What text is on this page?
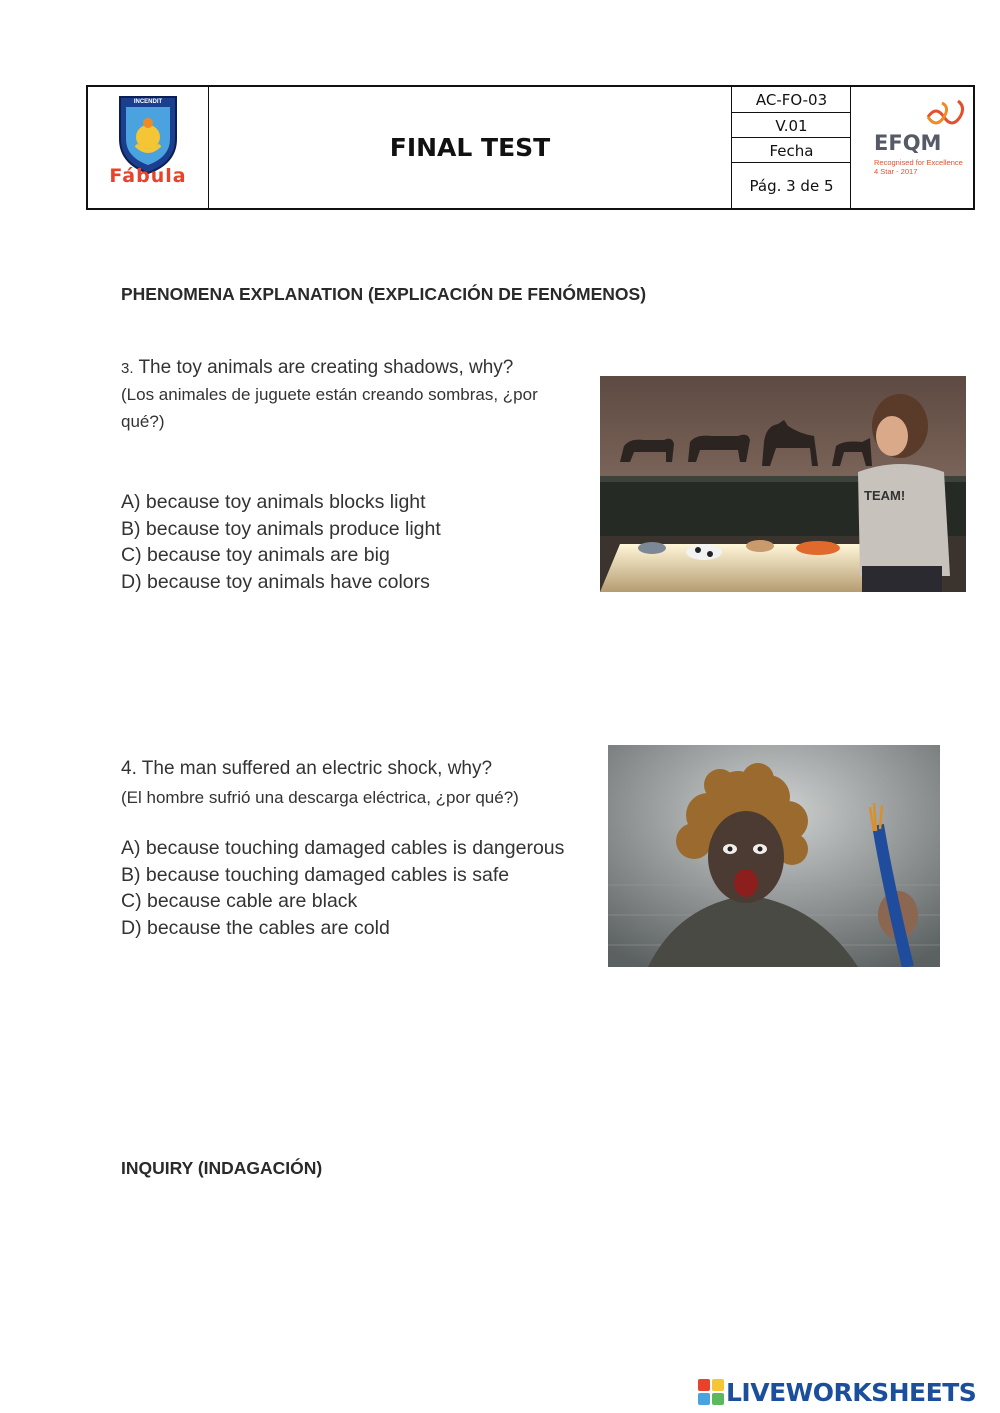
INCENDIT
Fábula
FINAL TEST
AC-FO-03
V.01
Fecha
Pág. 3 de 5
EFQM
Recognised for Excellence
4 Star - 2017
PHENOMENA EXPLANATION (EXPLICACIÓN DE FENÓMENOS)
3. The toy animals are creating shadows, why?
(Los animales de juguete están creando sombras, ¿por
qué?)
A) because toy animals blocks light
B) because toy animals produce light
C) because toy animals are big
D) because toy animals have colors
TEAM!
4. The man suffered an electric shock, why?
(El hombre sufrió una descarga eléctrica, ¿por qué?)
A) because touching damaged cables is dangerous
B) because touching damaged cables is safe
C) because cable are black
D) because the cables are cold
INQUIRY (INDAGACIÓN)
LIVEWORKSHEETS
